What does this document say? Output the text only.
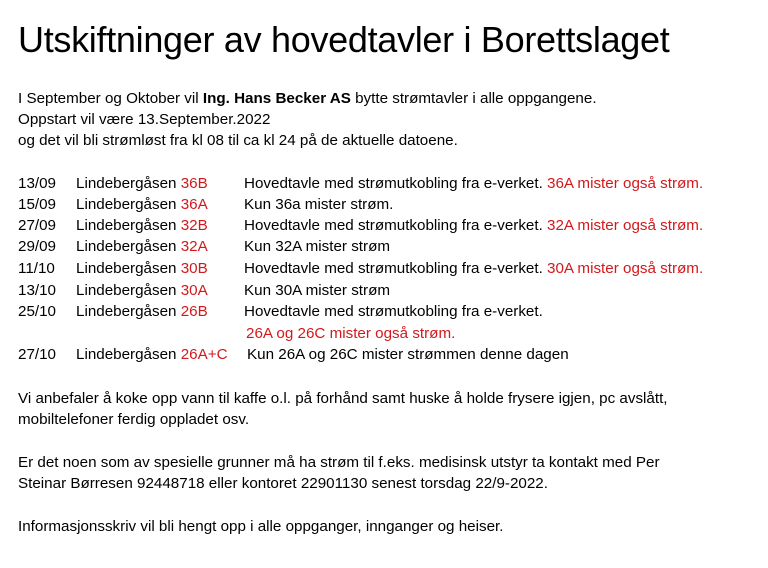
Utskiftninger av hovedtavler i Borettslaget
I September og Oktober vil Ing. Hans Becker AS bytte strømtavler i alle oppgangene.
Oppstart vil være 13.September.2022
og det vil bli strømløst fra kl 08 til ca kl 24 på de aktuelle datoene.
13/09 Lindebergåsen 36B Hovedtavle med strømutkobling fra e-verket. 36A mister også strøm.
15/09 Lindebergåsen 36A Kun 36a mister strøm.
27/09 Lindebergåsen 32B Hovedtavle med strømutkobling fra e-verket. 32A mister også strøm.
29/09 Lindebergåsen 32A Kun 32A mister strøm
11/10 Lindebergåsen 30B Hovedtavle med strømutkobling fra e-verket. 30A mister også strøm.
13/10 Lindebergåsen 30A Kun 30A mister strøm
25/10 Lindebergåsen 26B Hovedtavle med strømutkobling fra e-verket.
26A og 26C mister også strøm.
27/10 Lindebergåsen 26A+C Kun 26A og 26C mister strømmen denne dagen
Vi anbefaler å koke opp vann til kaffe o.l. på forhånd samt huske å holde frysere igjen, pc avslått,
mobiltelefoner ferdig oppladet osv.
Er det noen som av spesielle grunner må ha strøm til f.eks. medisinsk utstyr ta kontakt med Per
Steinar Børresen 92448718 eller kontoret 22901130 senest torsdag 22/9-2022.
Informasjonsskriv vil bli hengt opp i alle oppganger, innganger og heiser.
